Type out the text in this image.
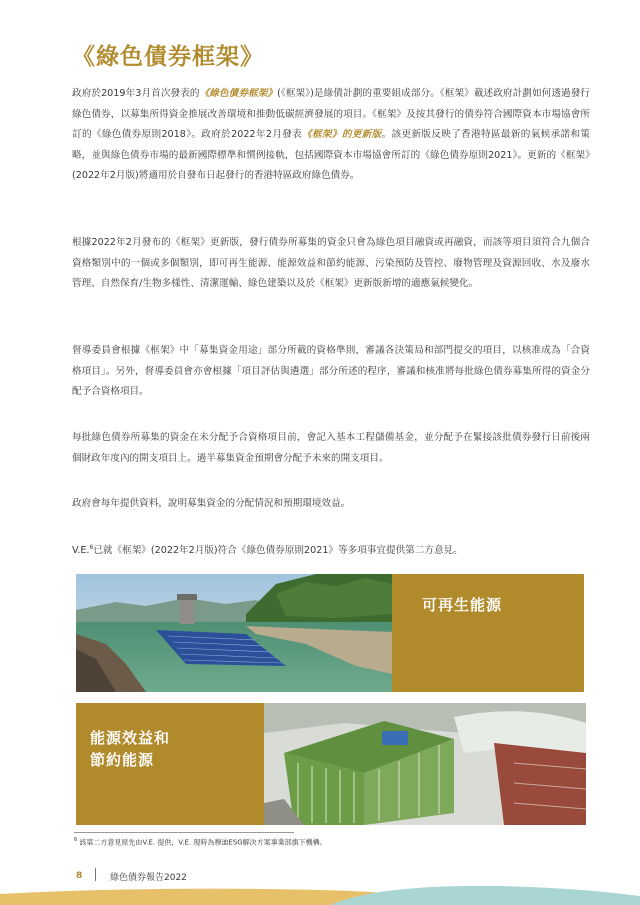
《綠色債券框架》
政府於2019年3月首次發表的《綠色債券框架》(《框架》)是綠債計劃的重要組成部分。《框架》載述政府計劃如何透過發行綠色債券，以募集所得資金推展改善環境和推動低碳經濟發展的項目。《框架》及按其發行的債券符合國際資本市場協會所訂的《綠色債券原則2018》。政府於2022年2月發表《框架》的更新版。該更新版反映了香港特區最新的氣候承諾和策略，並與綠色債券市場的最新國際標準和慣例接軌，包括國際資本市場協會所訂的《綠色債券原則2021》。更新的《框架》(2022年2月版)將適用於自發布日起發行的香港特區政府綠色債券。
根據2022年2月發布的《框架》更新版，發行債券所募集的資金只會為綠色項目融資或再融資，而該等項目須符合九個合資格類別中的一個或多個類別，即可再生能源、能源效益和節約能源、污染預防及管控、廢物管理及資源回收、水及廢水管理、自然保育/生物多樣性、清潔運輸、綠色建築以及於《框架》更新版新增的適應氣候變化。
督導委員會根據《框架》中「募集資金用途」部分所載的資格準則，審議各決策局和部門提交的項目，以核准成為「合資格項目」。另外，督導委員會亦會根據「項目評估與遴選」部分所述的程序，審議和核准將每批綠色債券募集所得的資金分配予合資格項目。
每批綠色債券所募集的資金在未分配予合資格項目前，會記入基本工程儲備基金，並分配予在緊接該批債券發行日前後兩個財政年度內的開支項目上。過半募集資金預期會分配予未來的開支項目。
政府會每年提供資料，說明募集資金的分配情況和預期環境效益。
V.E.$^6$已就《框架》(2022年2月版)符合《綠色債券原則2021》等多項事宜提供第二方意見。
可再生能源
能源效益和
節約能源
$^6$ 該第二方意見原先由V.E. 提供，V.E. 現時為穆迪ESG解決方案事業部旗下機構。
8	綠色債券報告2022
